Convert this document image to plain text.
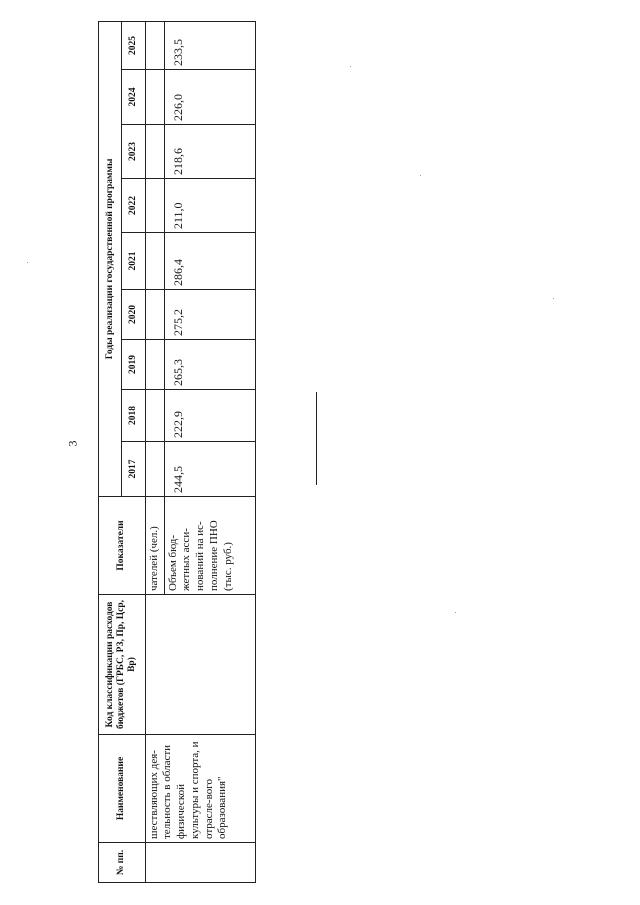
3
№ пп.	Наименование	Код классификации расходов бюджетов (ГРБС, РЗ, Пр, Цср, Вр)	Показатели	Годы реализации государственной программы								
				2017	2018	2019	2020	2021	2022	2023	2024	2025
	шествляющих дея-тельность в области физической культуры и спорта, и отрасле-вого образования"		чателей (чел.)									
			Объем бюд-жетных асси-нований на ис-полнение ПНО (тыс. руб.)	244,5	222,9	265,3	275,2	286,4	211,0	218,6	226,0	233,5
